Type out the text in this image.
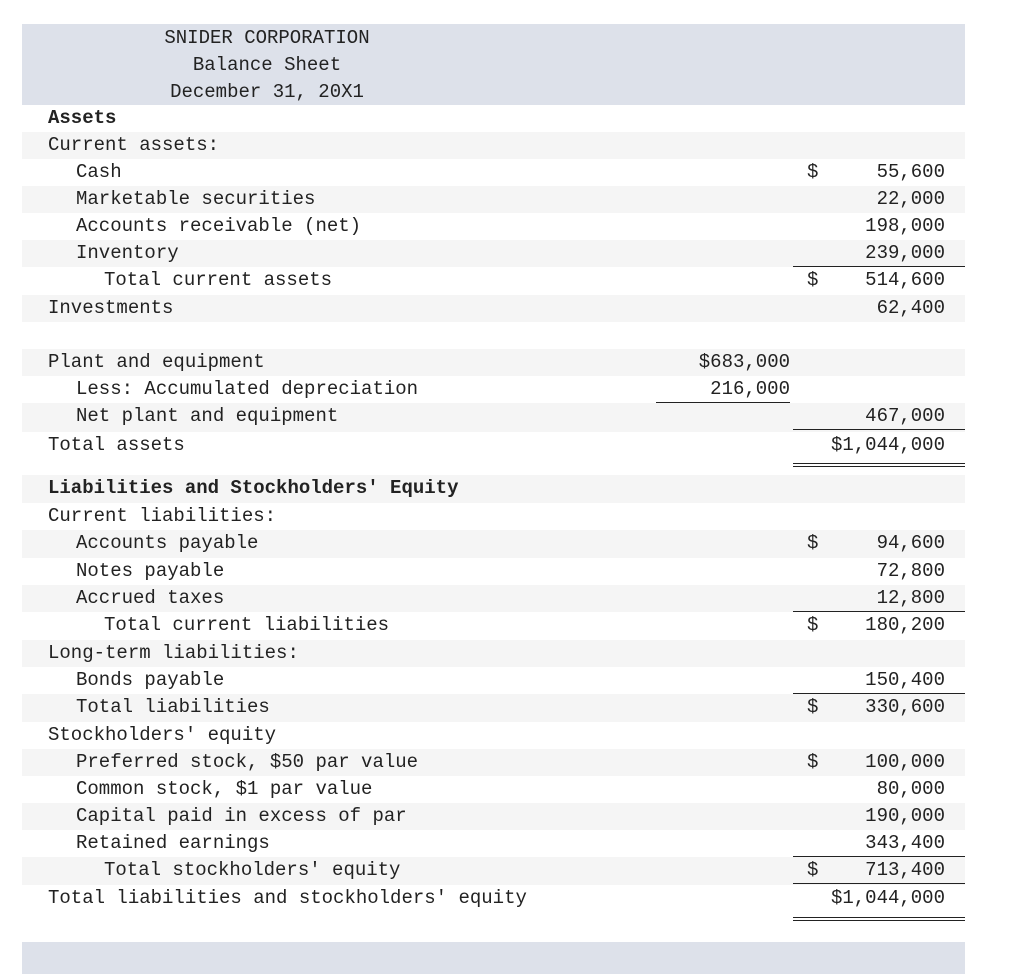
SNIDER CORPORATION
Balance Sheet
December 31, 20X1
Assets
Current assets:
Cash	$	55,600
Marketable securities	22,000
Accounts receivable (net)	198,000
Inventory	239,000
Total current assets	$ 514,600
Investments	62,400
Plant and equipment	$683,000
Less: Accumulated depreciation	216,000
Net plant and equipment	467,000
Total assets	$1,044,000
Liabilities and Stockholders' Equity
Current liabilities:
Accounts payable	$	94,600
Notes payable	72,800
Accrued taxes	12,800
Total current liabilities	$ 180,200
Long-term liabilities:
Bonds payable	150,400
Total liabilities	$ 330,600
Stockholders' equity
Preferred stock, $50 par value	$ 100,000
Common stock, $1 par value	80,000
Capital paid in excess of par	190,000
Retained earnings	343,400
Total stockholders' equity	$ 713,400
Total liabilities and stockholders' equity	$1,044,000
